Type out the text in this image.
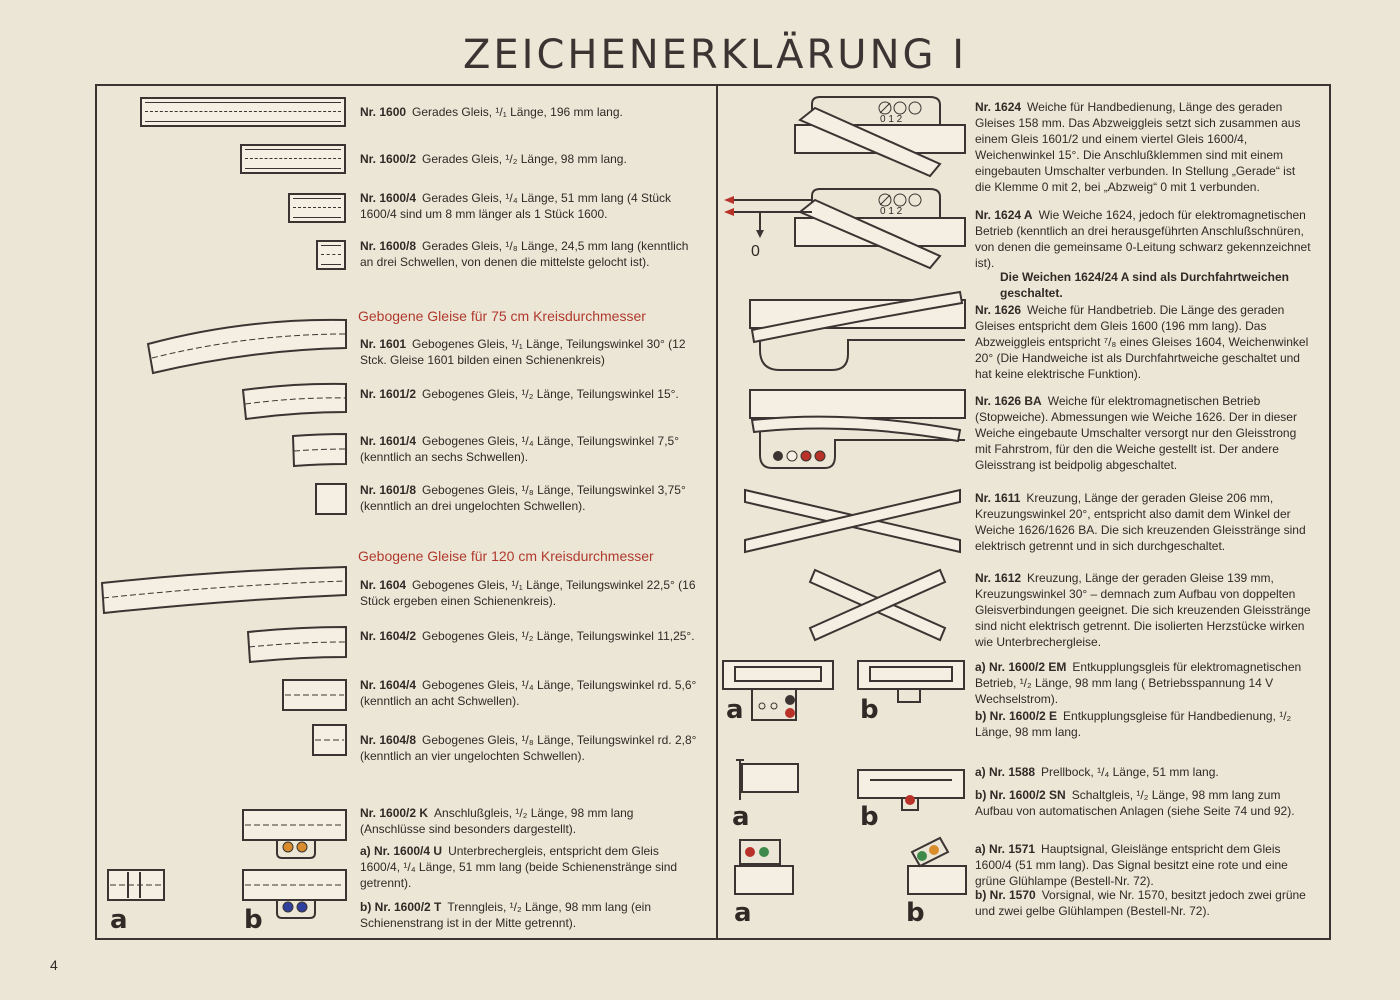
ZEICHENERKLÄRUNG I
4
Nr. 1600 Gerades Gleis, ¹/₁ Länge, 196 mm lang.
Nr. 1600/2 Gerades Gleis, ¹/₂ Länge, 98 mm lang.
Nr. 1600/4 Gerades Gleis, ¹/₄ Länge, 51 mm lang (4 Stück 1600/4 sind um 8 mm länger als 1 Stück 1600.
Nr. 1600/8 Gerades Gleis, ¹/₈ Länge, 24,5 mm lang (kenntlich an drei Schwellen, von denen die mittelste gelocht ist).
Gebogene Gleise für 75 cm Kreisdurchmesser
Nr. 1601 Gebogenes Gleis, ¹/₁ Länge, Teilungswinkel 30° (12 Stck. Gleise 1601 bilden einen Schienenkreis)
Nr. 1601/2 Gebogenes Gleis, ¹/₂ Länge, Teilungswinkel 15°.
Nr. 1601/4 Gebogenes Gleis, ¹/₄ Länge, Teilungswinkel 7,5° (kenntlich an sechs Schwellen).
Nr. 1601/8 Gebogenes Gleis, ¹/₈ Länge, Teilungswinkel 3,75° (kenntlich an drei ungelochten Schwellen).
Gebogene Gleise für 120 cm Kreisdurchmesser
Nr. 1604 Gebogenes Gleis, ¹/₁ Länge, Teilungswinkel 22,5° (16 Stück ergeben einen Schienenkreis).
Nr. 1604/2 Gebogenes Gleis, ¹/₂ Länge, Teilungswinkel 11,25°.
Nr. 1604/4 Gebogenes Gleis, ¹/₄ Länge, Teilungswinkel rd. 5,6° (kenntlich an acht Schwellen).
Nr. 1604/8 Gebogenes Gleis, ¹/₈ Länge, Teilungswinkel rd. 2,8° (kenntlich an vier ungelochten Schwellen).
Nr. 1600/2 K Anschlußgleis, ¹/₂ Länge, 98 mm lang (Anschlüsse sind besonders dargestellt).
a) Nr. 1600/4 U Unterbrechergleis, entspricht dem Gleis 1600/4, ¹/₄ Länge, 51 mm lang (beide Schienenstränge sind getrennt).
b) Nr. 1600/2 T Trenngleis, ¹/₂ Länge, 98 mm lang (ein Schienenstrang ist in der Mitte getrennt).
a	b
Nr. 1624 Weiche für Handbedienung, Länge des geraden Gleises 158 mm. Das Abzweiggleis setzt sich zusammen aus einem Gleis 1601/2 und einem viertel Gleis 1600/4, Weichenwinkel 15°. Die Anschlußklemmen sind mit einem eingebauten Umschalter verbunden. In Stellung „Gerade“ ist die Klemme 0 mit 2, bei „Abzweig“ 0 mit 1 verbunden.
Nr. 1624 A Wie Weiche 1624, jedoch für elektromagnetischen Betrieb (kenntlich an drei herausgeführten Anschlußschnüren, von denen die gemeinsame 0-Leitung schwarz gekennzeichnet ist).
Die Weichen 1624/24 A sind als Durchfahrtweichen geschaltet.
Nr. 1626 Weiche für Handbetrieb. Die Länge des geraden Gleises entspricht dem Gleis 1600 (196 mm lang). Das Abzweiggleis entspricht ⁷/₈ eines Gleises 1604, Weichenwinkel 20° (Die Handweiche ist als Durchfahrtweiche geschaltet und hat keine elektrische Funktion).
Nr. 1626 BA Weiche für elektromagnetischen Betrieb (Stopweiche). Abmessungen wie Weiche 1626. Der in dieser Weiche eingebaute Umschalter versorgt nur den Gleisstrong mit Fahrstrom, für den die Weiche gestellt ist. Der andere Gleisstrang ist beidpolig abgeschaltet.
Nr. 1611 Kreuzung, Länge der geraden Gleise 206 mm, Kreuzungswinkel 20°, entspricht also damit dem Winkel der Weiche 1626/1626 BA. Die sich kreuzenden Gleisstränge sind elektrisch getrennt und in sich durchgeschaltet.
Nr. 1612 Kreuzung, Länge der geraden Gleise 139 mm, Kreuzungswinkel 30° – demnach zum Aufbau von doppelten Gleisverbindungen geeignet. Die sich kreuzenden Gleisstränge sind nicht elektrisch getrennt. Die isolierten Herzstücke wirken wie Unterbrechergleise.
a) Nr. 1600/2 EM Entkupplungsgleis für elektromagnetischen Betrieb, ¹/₂ Länge, 98 mm lang ( Betriebsspannung 14 V Wechselstrom).
b) Nr. 1600/2 E Entkupplungsgleise für Handbedienung, ¹/₂ Länge, 98 mm lang.
a) Nr. 1588 Prellbock, ¹/₄ Länge, 51 mm lang.
b) Nr. 1600/2 SN Schaltgleis, ¹/₂ Länge, 98 mm lang zum Aufbau von automatischen Anlagen (siehe Seite 74 und 92).
a) Nr. 1571 Hauptsignal, Gleislänge entspricht dem Gleis 1600/4 (51 mm lang). Das Signal besitzt eine rote und eine grüne Glühlampe (Bestell-Nr. 72).
b) Nr. 1570 Vorsignal, wie Nr. 1570, besitzt jedoch zwei grüne und zwei gelbe Glühlampen (Bestell-Nr. 72).
0 1 2
0 1 2
0
a	b
a	b
a	b
